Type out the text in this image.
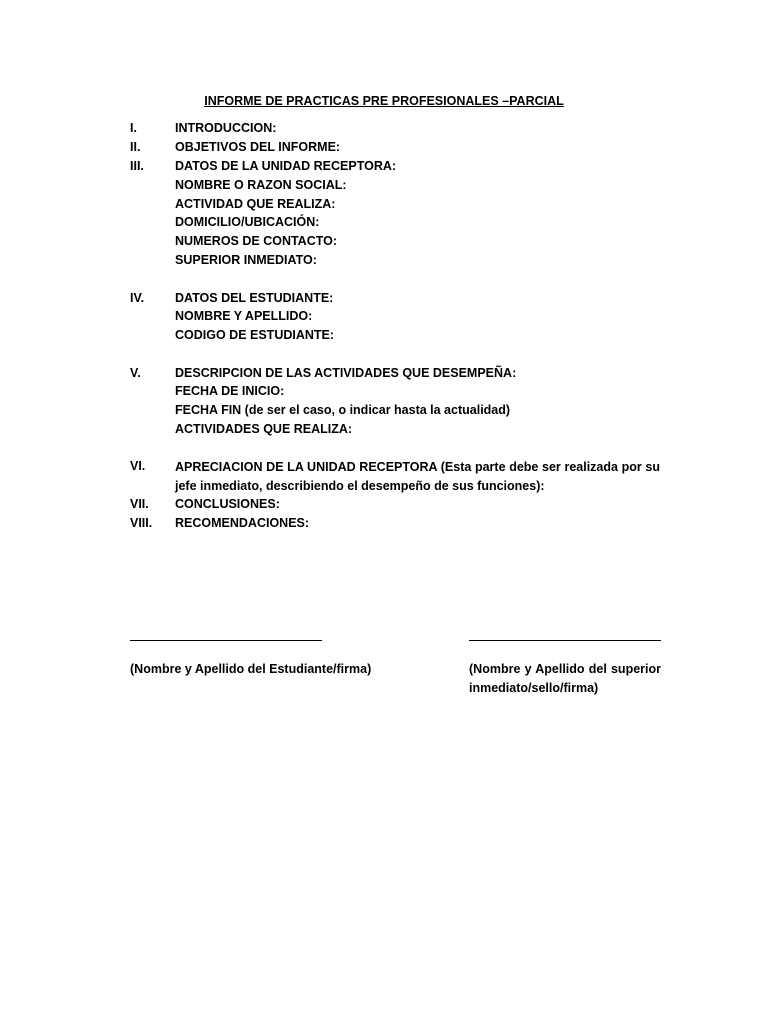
INFORME DE PRACTICAS PRE PROFESIONALES –PARCIAL
I.	INTRODUCCION:
II.	OBJETIVOS DEL INFORME:
III. DATOS DE LA UNIDAD RECEPTORA:
NOMBRE O RAZON SOCIAL:
ACTIVIDAD QUE REALIZA:
DOMICILIO/UBICACIÓN:
NUMEROS DE CONTACTO:
SUPERIOR INMEDIATO:
IV. DATOS DEL ESTUDIANTE:
NOMBRE Y APELLIDO:
CODIGO DE ESTUDIANTE:
V.	DESCRIPCION DE LAS ACTIVIDADES QUE DESEMPEÑA:
FECHA DE INICIO:
FECHA FIN (de ser el caso, o indicar hasta la actualidad)
ACTIVIDADES QUE REALIZA:
VI. APRECIACION DE LA UNIDAD RECEPTORA (Esta parte debe ser realizada por su jefe inmediato, describiendo el desempeño de sus funciones):
VII. CONCLUSIONES:
VIII. RECOMENDACIONES:
(Nombre y Apellido del Estudiante/firma)	(Nombre y Apellido del superior inmediato/sello/firma)
